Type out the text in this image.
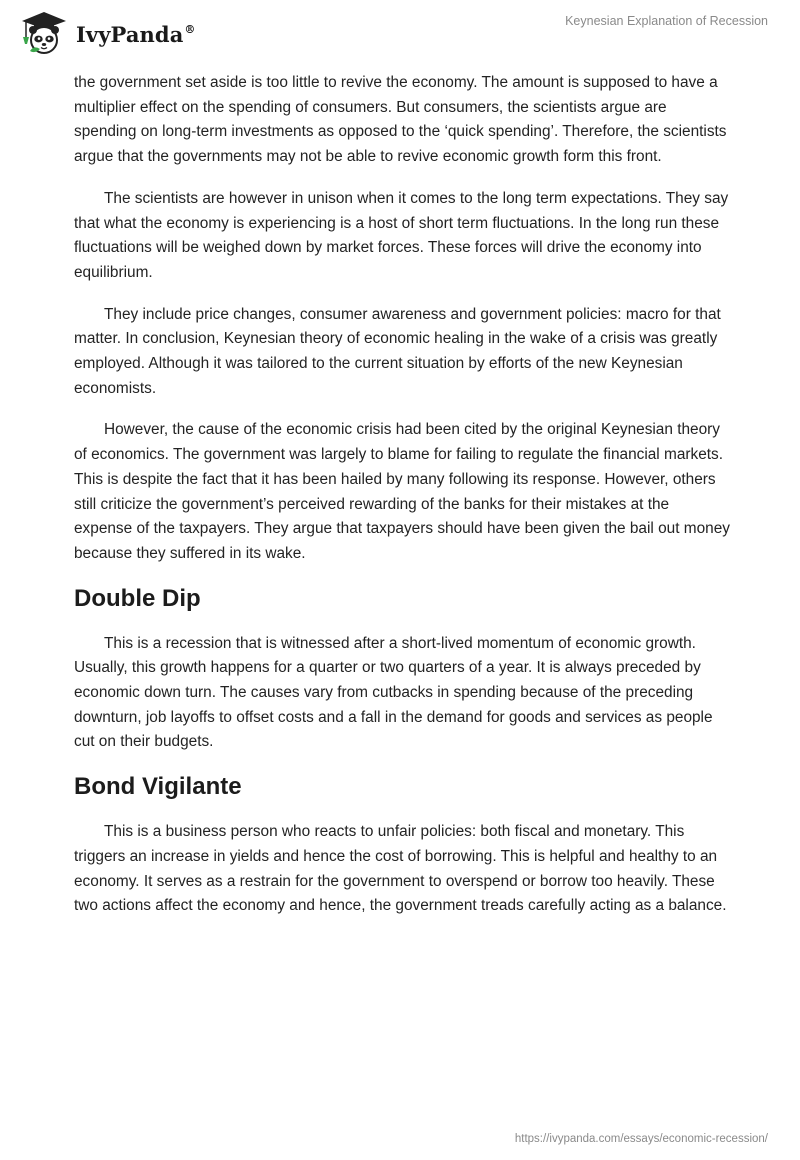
IvyPanda®
Keynesian Explanation of Recession

the government set aside is too little to revive the economy. The amount is supposed to have a multiplier effect on the spending of consumers. But consumers, the scientists argue are spending on long-term investments as opposed to the ‘quick spending’. Therefore, the scientists argue that the governments may not be able to revive economic growth form this front.

The scientists are however in unison when it comes to the long term expectations. They say that what the economy is experiencing is a host of short term fluctuations. In the long run these fluctuations will be weighed down by market forces. These forces will drive the economy into equilibrium.

They include price changes, consumer awareness and government policies: macro for that matter. In conclusion, Keynesian theory of economic healing in the wake of a crisis was greatly employed. Although it was tailored to the current situation by efforts of the new Keynesian economists.

However, the cause of the economic crisis had been cited by the original Keynesian theory of economics. The government was largely to blame for failing to regulate the financial markets. This is despite the fact that it has been hailed by many following its response. However, others still criticize the government’s perceived rewarding of the banks for their mistakes at the expense of the taxpayers. They argue that taxpayers should have been given the bail out money because they suffered in its wake.

Double Dip

This is a recession that is witnessed after a short-lived momentum of economic growth. Usually, this growth happens for a quarter or two quarters of a year. It is always preceded by economic down turn. The causes vary from cutbacks in spending because of the preceding downturn, job layoffs to offset costs and a fall in the demand for goods and services as people cut on their budgets.

Bond Vigilante

This is a business person who reacts to unfair policies: both fiscal and monetary. This triggers an increase in yields and hence the cost of borrowing. This is helpful and healthy to an economy. It serves as a restrain for the government to overspend or borrow too heavily. These two actions affect the economy and hence, the government treads carefully acting as a balance.

https://ivypanda.com/essays/economic-recession/
